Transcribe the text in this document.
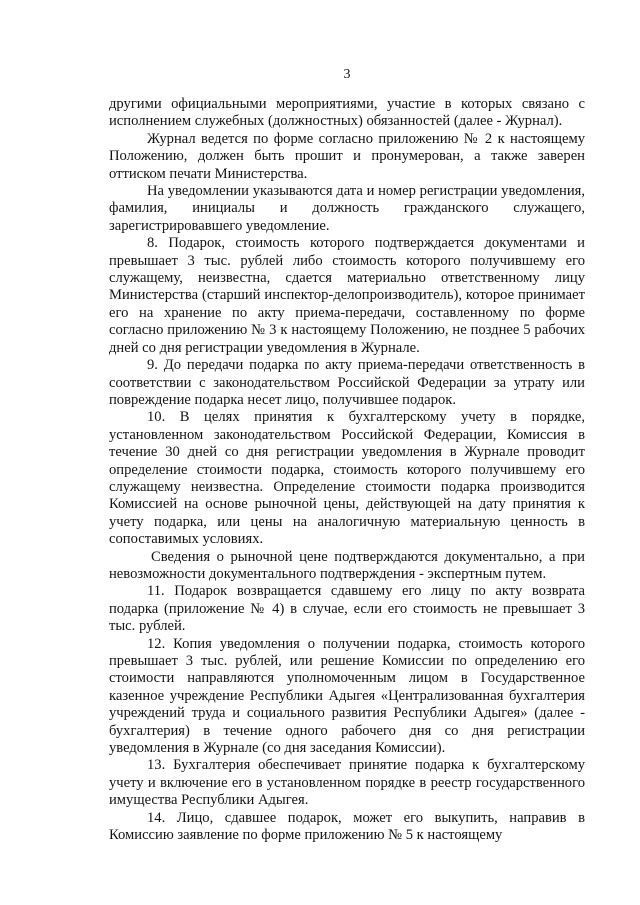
3

другими официальными мероприятиями, участие в которых связано с исполнением служебных (должностных) обязанностей (далее - Журнал).

Журнал ведется по форме согласно приложению № 2 к настоящему Положению, должен быть прошит и пронумерован, а также заверен оттиском печати Министерства.

На уведомлении указываются дата и номер регистрации уведомления, фамилия, инициалы и должность гражданского служащего, зарегистрировавшего уведомление.

8. Подарок, стоимость которого подтверждается документами и превышает 3 тыс. рублей либо стоимость которого получившему его служащему, неизвестна, сдается материально ответственному лицу Министерства (старший инспектор-делопроизводитель), которое принимает его на хранение по акту приема-передачи, составленному по форме согласно приложению № 3 к настоящему Положению, не позднее 5 рабочих дней со дня регистрации уведомления в Журнале.

9. До передачи подарка по акту приема-передачи ответственность в соответствии с законодательством Российской Федерации за утрату или повреждение подарка несет лицо, получившее подарок.

10. В целях принятия к бухгалтерскому учету в порядке, установленном законодательством Российской Федерации, Комиссия в течение 30 дней со дня регистрации уведомления в Журнале проводит определение стоимости подарка, стоимость которого получившему его служащему неизвестна. Определение стоимости подарка производится Комиссией на основе рыночной цены, действующей на дату принятия к учету подарка, или цены на аналогичную материальную ценность в сопоставимых условиях.

Сведения о рыночной цене подтверждаются документально, а при невозможности документального подтверждения - экспертным путем.

11. Подарок возвращается сдавшему его лицу по акту возврата подарка (приложение № 4) в случае, если его стоимость не превышает 3 тыс. рублей.

12. Копия уведомления о получении подарка, стоимость которого превышает 3 тыс. рублей, или решение Комиссии по определению его стоимости направляются уполномоченным лицом в Государственное казенное учреждение Республики Адыгея «Централизованная бухгалтерия учреждений труда и социального развития Республики Адыгея» (далее - бухгалтерия) в течение одного рабочего дня со дня регистрации уведомления в Журнале (со дня заседания Комиссии).

13. Бухгалтерия обеспечивает принятие подарка к бухгалтерскому учету и включение его в установленном порядке в реестр государственного имущества Республики Адыгея.

14. Лицо, сдавшее подарок, может его выкупить, направив в Комиссию заявление по форме приложению № 5 к настоящему
